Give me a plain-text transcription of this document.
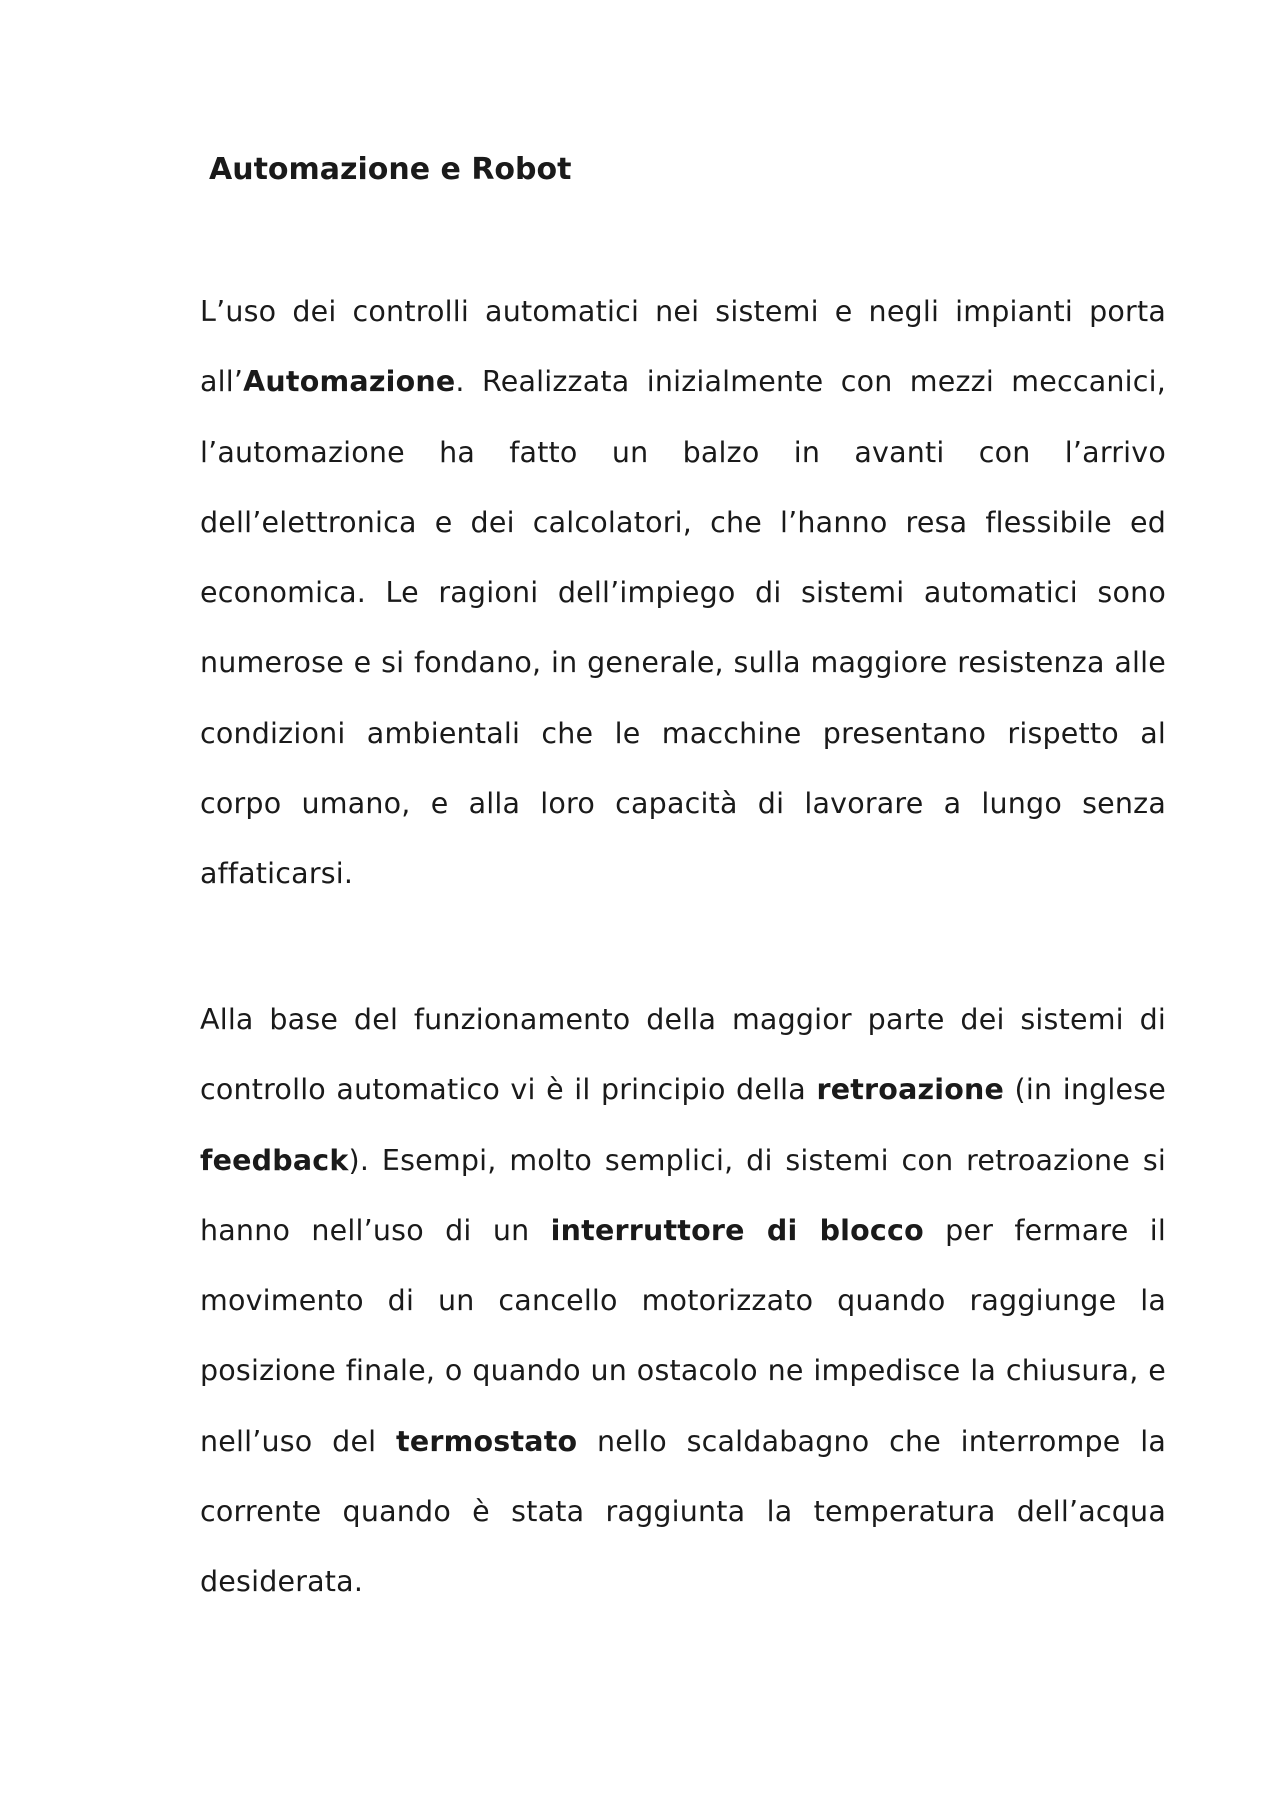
Automazione e Robot

L’uso dei controlli automatici nei sistemi e negli impianti porta all’Automazione. Realizzata inizialmente con mezzi meccanici, l’automazione ha fatto un balzo in avanti con l’arrivo dell’elettronica e dei calcolatori, che l’hanno resa flessibile ed economica. Le ragioni dell’impiego di sistemi automatici sono numerose e si fondano, in generale, sulla maggiore resistenza alle condizioni ambientali che le macchine presentano rispetto al corpo umano, e alla loro capacità di lavorare a lungo senza affaticarsi.

Alla base del funzionamento della maggior parte dei sistemi di controllo automatico vi è il principio della retroazione (in inglese feedback). Esempi, molto semplici, di sistemi con retroazione si hanno nell’uso di un interruttore di blocco per fermare il movimento di un cancello motorizzato quando raggiunge la posizione finale, o quando un ostacolo ne impedisce la chiusura, e nell’uso del termostato nello scaldabagno che interrompe la corrente quando è stata raggiunta la temperatura dell’acqua desiderata.
